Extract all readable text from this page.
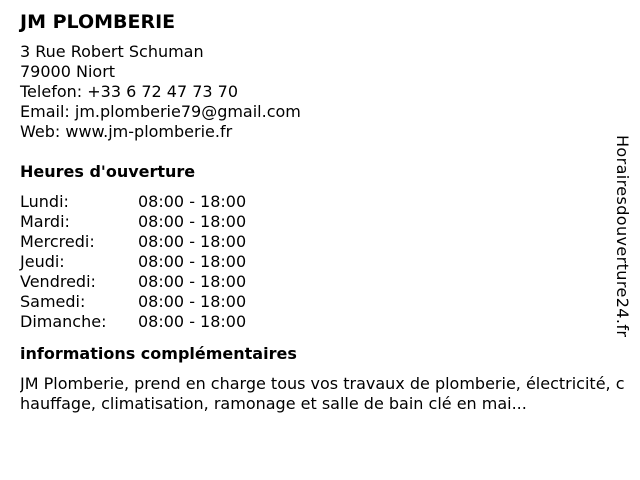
JM PLOMBERIE
3 Rue Robert Schuman
79000 Niort
Telefon: +33 6 72 47 73 70
Email: jm.plomberie79@gmail.com
Web: www.jm-plomberie.fr
Heures d'ouverture
Lundi:	08:00 - 18:00
Mardi:	08:00 - 18:00
Mercredi:	08:00 - 18:00
Jeudi:	08:00 - 18:00
Vendredi:	08:00 - 18:00
Samedi:	08:00 - 18:00
Dimanche:	08:00 - 18:00
informations complémentaires
JM Plomberie, prend en charge tous vos travaux de plomberie, électricité, chauffage, climatisation, ramonage et salle de bain clé en mai...
Horairesdouverture24.fr
